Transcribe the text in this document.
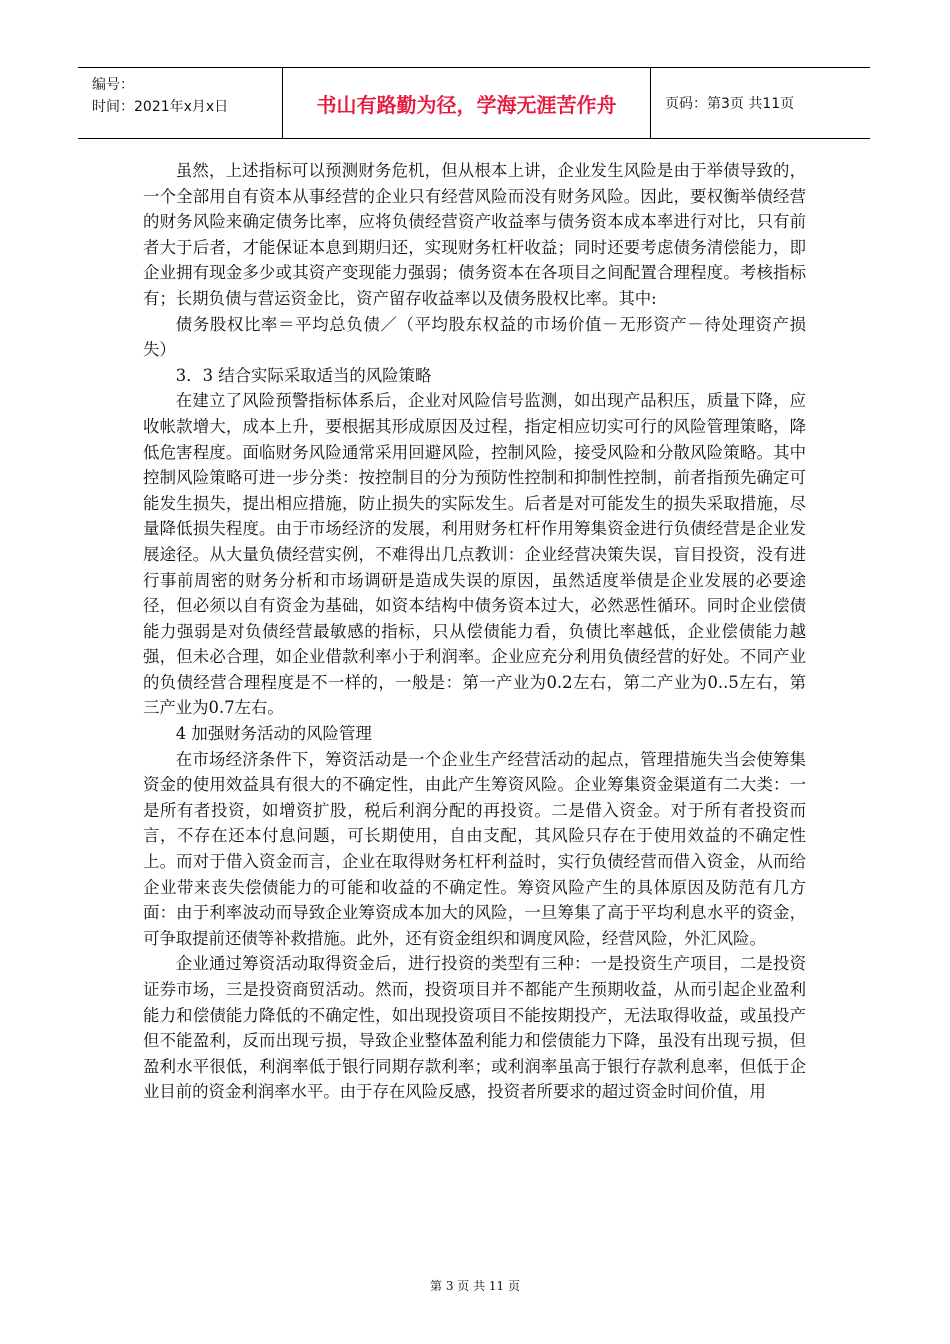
编号：
时间：2021年x月x日	书山有路勤为径，学海无涯苦作舟	页码：第3页 共11页

虽然，上述指标可以预测财务危机，但从根本上讲，企业发生风险是由于举债导致的，一个全部用自有资本从事经营的企业只有经营风险而没有财务风险。因此，要权衡举债经营的财务风险来确定债务比率，应将负债经营资产收益率与债务资本成本率进行对比，只有前者大于后者，才能保证本息到期归还，实现财务杠杆收益；同时还要考虑债务清偿能力，即企业拥有现金多少或其资产变现能力强弱；债务资本在各项目之间配置合理程度。考核指标有；长期负债与营运资金比，资产留存收益率以及债务股权比率。其中:

债务股权比率＝平均总负债／（平均股东权益的市场价值－无形资产－待处理资产损失）

3．3 结合实际采取适当的风险策略

在建立了风险预警指标体系后，企业对风险信号监测，如出现产品积压，质量下降，应收帐款增大，成本上升，要根据其形成原因及过程，指定相应切实可行的风险管理策略，降低危害程度。面临财务风险通常采用回避风险，控制风险，接受风险和分散风险策略。其中控制风险策略可进一步分类：按控制目的分为预防性控制和抑制性控制，前者指预先确定可能发生损失，提出相应措施，防止损失的实际发生。后者是对可能发生的损失采取措施，尽量降低损失程度。由于市场经济的发展，利用财务杠杆作用筹集资金进行负债经营是企业发展途径。从大量负债经营实例，不难得出几点教训：企业经营决策失误，盲目投资，没有进行事前周密的财务分析和市场调研是造成失误的原因，虽然适度举债是企业发展的必要途径，但必须以自有资金为基础，如资本结构中债务资本过大，必然恶性循环。同时企业偿债能力强弱是对负债经营最敏感的指标，只从偿债能力看，负债比率越低，企业偿债能力越强，但未必合理，如企业借款利率小于利润率。企业应充分利用负债经营的好处。不同产业的负债经营合理程度是不一样的，一般是：第一产业为0.2左右，第二产业为0..5左右，第三产业为0.7左右。

4 加强财务活动的风险管理

在市场经济条件下，筹资活动是一个企业生产经营活动的起点，管理措施失当会使筹集资金的使用效益具有很大的不确定性，由此产生筹资风险。企业筹集资金渠道有二大类：一是所有者投资，如增资扩股，税后利润分配的再投资。二是借入资金。对于所有者投资而言，不存在还本付息问题，可长期使用，自由支配，其风险只存在于使用效益的不确定性上。而对于借入资金而言，企业在取得财务杠杆利益时，实行负债经营而借入资金，从而给企业带来丧失偿债能力的可能和收益的不确定性。筹资风险产生的具体原因及防范有几方面：由于利率波动而导致企业筹资成本加大的风险，一旦筹集了高于平均利息水平的资金，可争取提前还债等补救措施。此外，还有资金组织和调度风险，经营风险，外汇风险。

企业通过筹资活动取得资金后，进行投资的类型有三种：一是投资生产项目，二是投资证券市场，三是投资商贸活动。然而，投资项目并不都能产生预期收益，从而引起企业盈利能力和偿债能力降低的不确定性，如出现投资项目不能按期投产，无法取得收益，或虽投产但不能盈利，反而出现亏损，导致企业整体盈利能力和偿债能力下降，虽没有出现亏损，但盈利水平很低，利润率低于银行同期存款利率；或利润率虽高于银行存款利息率，但低于企业目前的资金利润率水平。由于存在风险反感，投资者所要求的超过资金时间价值，用

第 3 页 共 11 页
